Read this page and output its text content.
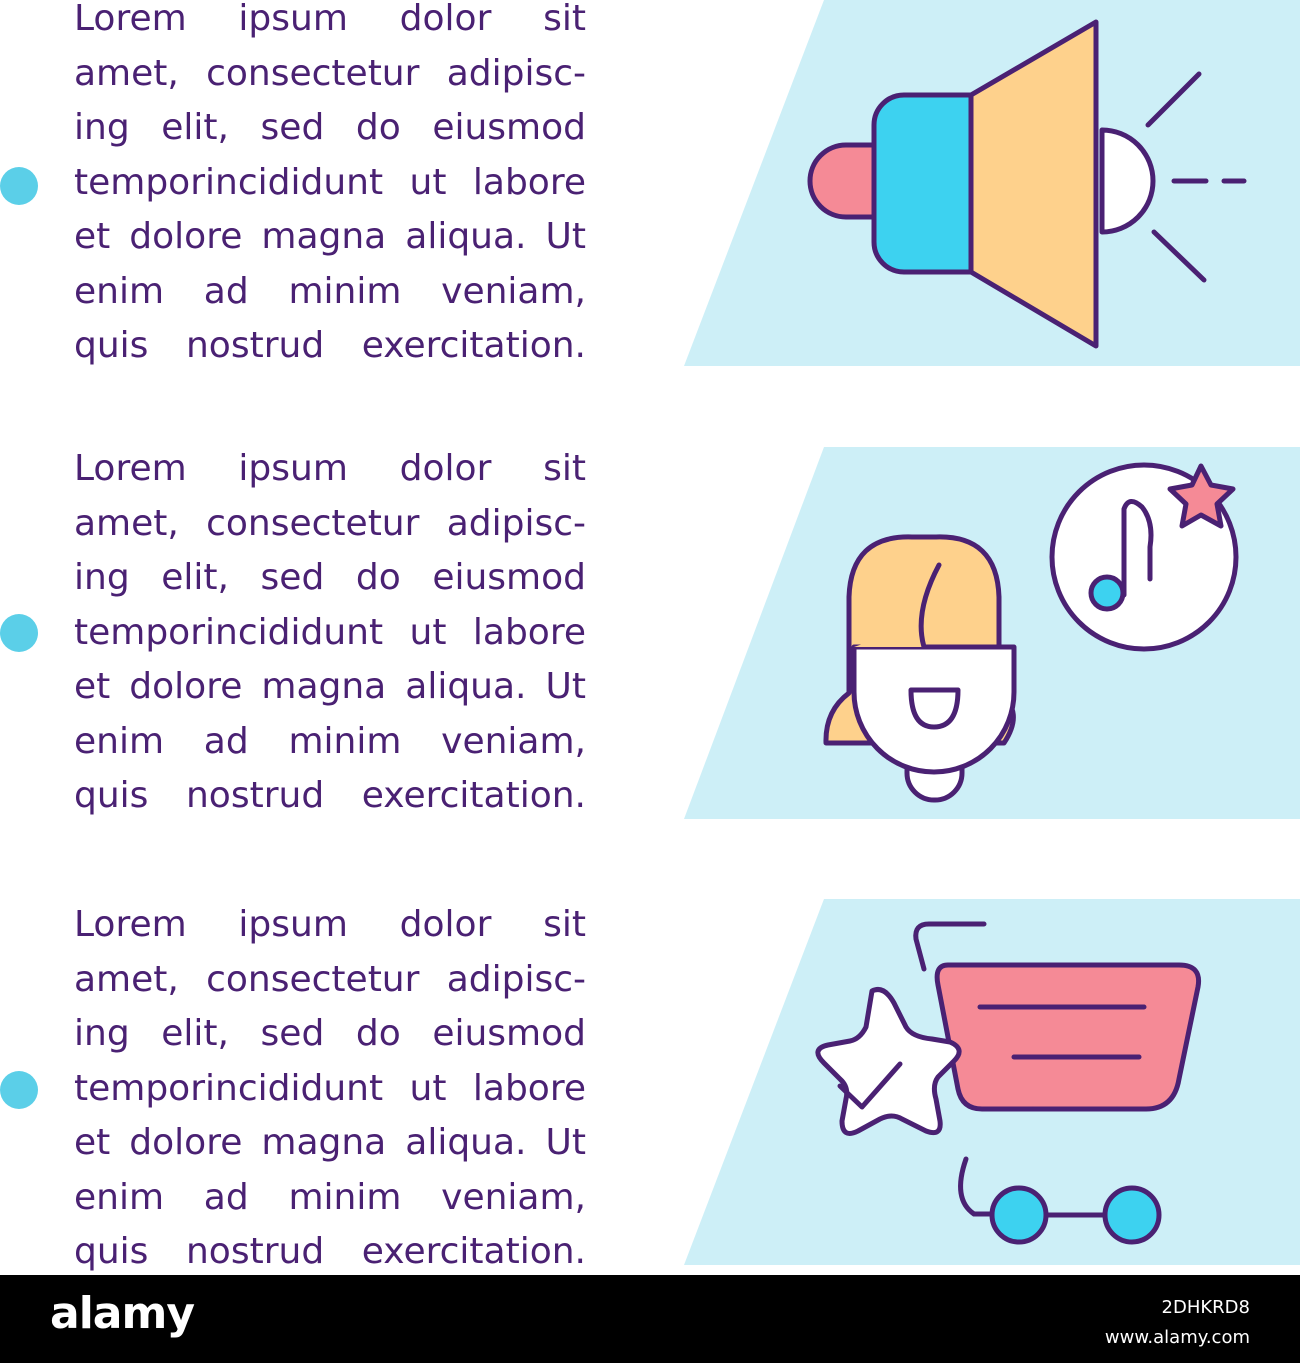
Lorem ipsum dolor sit
amet, consectetur adipisc-
ing elit, sed do eiusmod
temporincididunt ut labore
et dolore magna aliqua. Ut
enim ad minim veniam,
quis nostrud exercitation.
Lorem ipsum dolor sit
amet, consectetur adipisc-
ing elit, sed do eiusmod
temporincididunt ut labore
et dolore magna aliqua. Ut
enim ad minim veniam,
quis nostrud exercitation.
Lorem ipsum dolor sit
amet, consectetur adipisc-
ing elit, sed do eiusmod
temporincididunt ut labore
et dolore magna aliqua. Ut
enim ad minim veniam,
quis nostrud exercitation.
alamy	2DHKRD8
www.alamy.com
